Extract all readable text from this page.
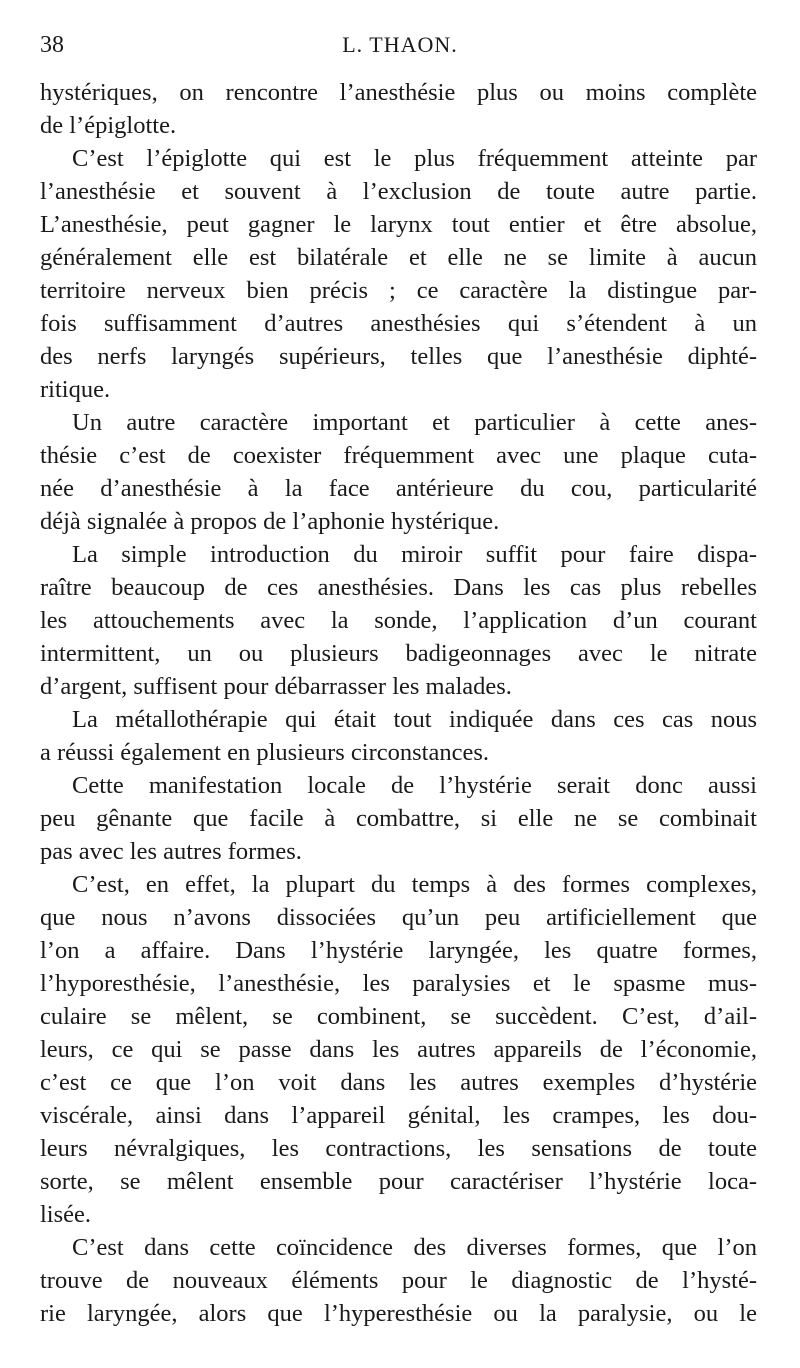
38	L. THAON.
hystériques, on rencontre l’anesthésie plus ou moins complète
de l’épiglotte.
C’est l’épiglotte qui est le plus fréquemment atteinte par
l’anesthésie et souvent à l’exclusion de toute autre partie.
L’anesthésie, peut gagner le larynx tout entier et être absolue,
généralement elle est bilatérale et elle ne se limite à aucun
territoire nerveux bien précis ; ce caractère la distingue par-
fois suffisamment d’autres anesthésies qui s’étendent à un
des nerfs laryngés supérieurs, telles que l’anesthésie diphté-
ritique.
Un autre caractère important et particulier à cette anes-
thésie c’est de coexister fréquemment avec une plaque cuta-
née d’anesthésie à la face antérieure du cou, particularité
déjà signalée à propos de l’aphonie hystérique.
La simple introduction du miroir suffit pour faire dispa-
raître beaucoup de ces anesthésies. Dans les cas plus rebelles
les attouchements avec la sonde, l’application d’un courant
intermittent, un ou plusieurs badigeonnages avec le nitrate
d’argent, suffisent pour débarrasser les malades.
La métallothérapie qui était tout indiquée dans ces cas nous
a réussi également en plusieurs circonstances.
Cette manifestation locale de l’hystérie serait donc aussi
peu gênante que facile à combattre, si elle ne se combinait
pas avec les autres formes.
C’est, en effet, la plupart du temps à des formes complexes,
que nous n’avons dissociées qu’un peu artificiellement que
l’on a affaire. Dans l’hystérie laryngée, les quatre formes,
l’hyporesthésie, l’anesthésie, les paralysies et le spasme mus-
culaire se mêlent, se combinent, se succèdent. C’est, d’ail-
leurs, ce qui se passe dans les autres appareils de l’économie,
c’est ce que l’on voit dans les autres exemples d’hystérie
viscérale, ainsi dans l’appareil génital, les crampes, les dou-
leurs névralgiques, les contractions, les sensations de toute
sorte, se mêlent ensemble pour caractériser l’hystérie loca-
lisée.
C’est dans cette coïncidence des diverses formes, que l’on
trouve de nouveaux éléments pour le diagnostic de l’hysté-
rie laryngée, alors que l’hyperesthésie ou la paralysie, ou le
